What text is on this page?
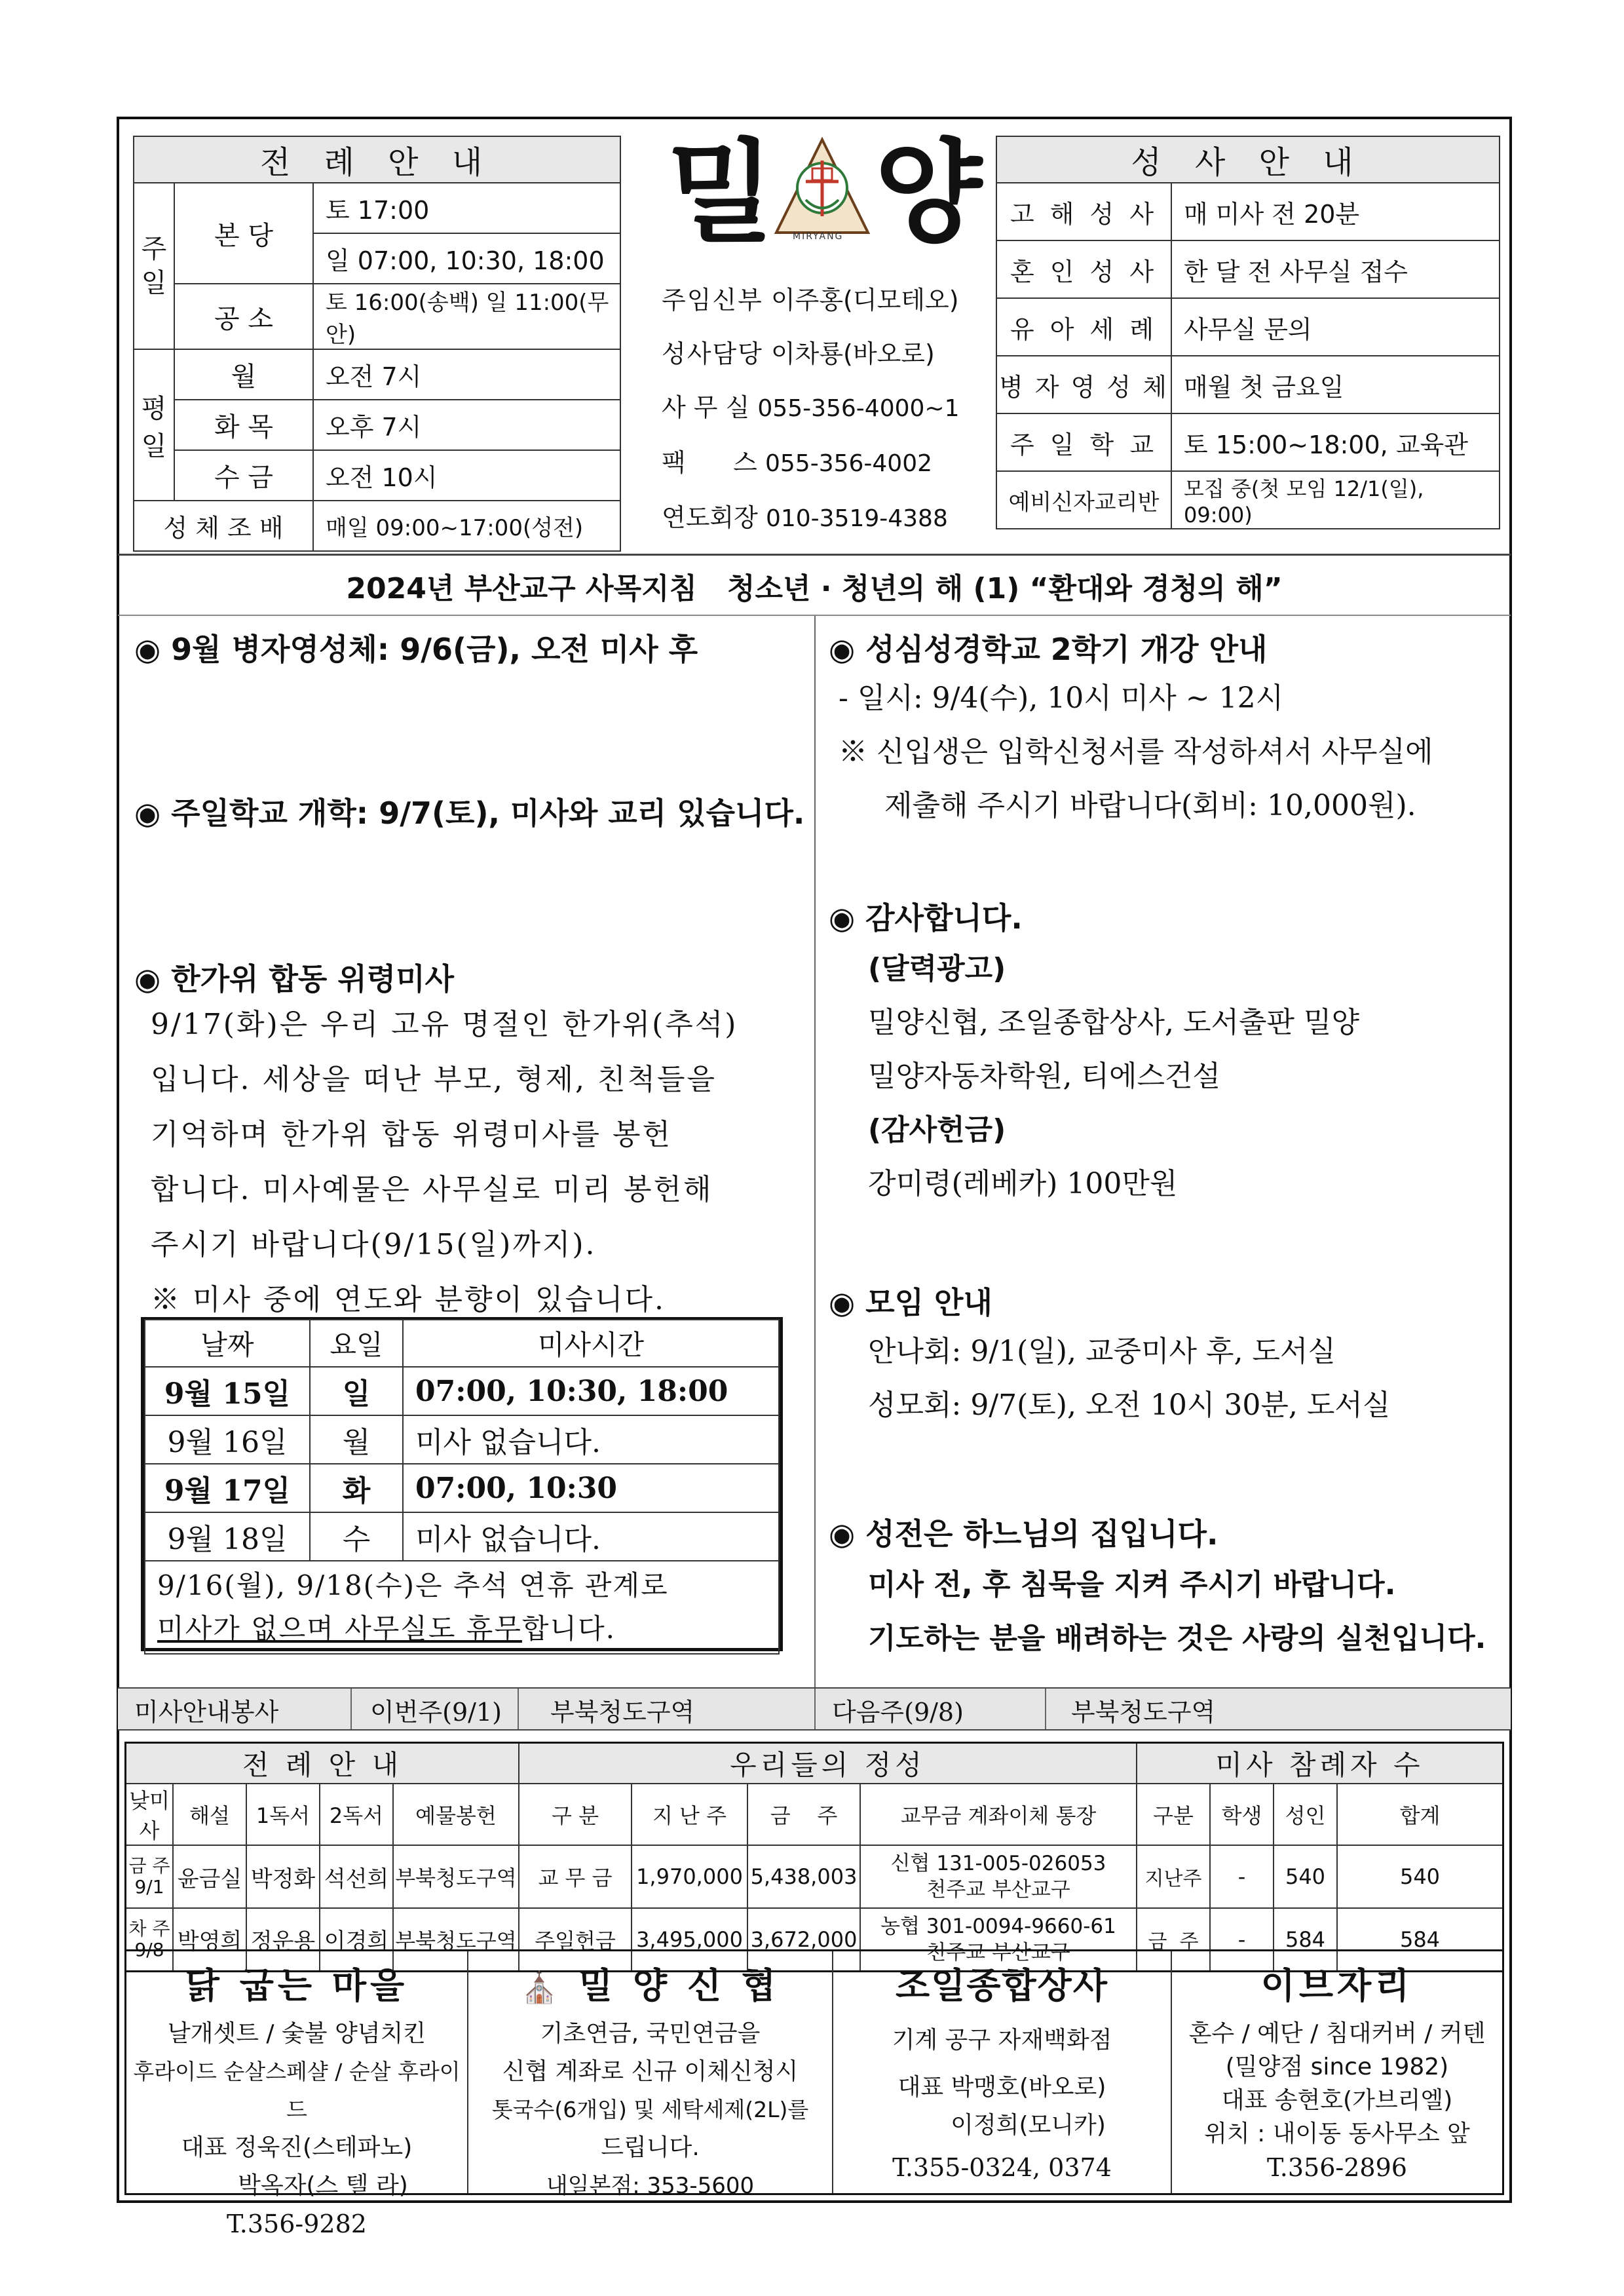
전 례 안 내		
주일	본 당	토 17:00
		일 07:00, 10:30, 18:00
	공 소	토 16:00(송백) 일 11:00(무안)
평일	월	오전 7시
	화 목	오후 7시
	수 금	오전 10시
성 체 조 배		매일 09:00~17:00(성전)
밀 MIRYANG 양
주임신부 이주홍(디모테오)
성사담당 이차룡(바오로)
사 무 실 055-356-4000~1
팩      스 055-356-4002
연도회장 010-3519-4388
성 사 안 내	
고 해 성 사	매 미사 전 20분
혼 인 성 사	한 달 전 사무실 접수
유 아 세 례	사무실 문의
병 자 영 성 체	매월 첫 금요일
주 일 학 교	토 15:00~18:00, 교육관
예비신자교리반	모집 중(첫 모임 12/1(일), 09:00)
2024년 부산교구 사목지침   청소년 · 청년의 해 (1) “환대와 경청의 해”
◉ 9월 병자영성체: 9/6(금), 오전 미사 후
◉ 주일학교 개학: 9/7(토), 미사와 교리 있습니다.
◉ 한가위 합동 위령미사
9/17(화)은 우리 고유 명절인 한가위(추석)
입니다. 세상을 떠난 부모, 형제, 친척들을
기억하며 한가위 합동 위령미사를 봉헌
합니다. 미사예물은 사무실로 미리 봉헌해
주시기 바랍니다(9/15(일)까지).
※ 미사 중에 연도와 분향이 있습니다.
날짜	요일	미사시간
9월 15일	일	07:00, 10:30, 18:00
9월 16일	월	미사 없습니다.
9월 17일	화	07:00, 10:30
9월 18일	수	미사 없습니다.

9/16(월), 9/18(수)은 추석 연휴 관계로
미사가 없으며 사무실도 휴무합니다.		
◉ 성심성경학교 2학기 개강 안내
- 일시: 9/4(수), 10시 미사 ~ 12시
※ 신입생은 입학신청서를 작성하셔서 사무실에
제출해 주시기 바랍니다(회비: 10,000원).
◉ 감사합니다.
(달력광고)
밀양신협, 조일종합상사, 도서출판 밀양
밀양자동차학원, 티에스건설
(감사헌금)
강미령(레베카) 100만원
◉ 모임 안내
안나회: 9/1(일), 교중미사 후, 도서실
성모회: 9/7(토), 오전 10시 30분, 도서실
◉ 성전은 하느님의 집입니다.
미사 전, 후 침묵을 지켜 주시기 바랍니다.
기도하는 분을 배려하는 것은 사랑의 실천입니다.
미사안내봉사	이번주(9/1) 부북청도구역	다음주(9/8)	부북청도구역
전 례 안 내					우리들의 정성				미사 참례자 수			
낮미사	해설	1독서	2독서	예물봉헌	구 분	지 난 주	금    주	교무금 계좌이체 통장	구분	학생	성인	합계
금 주 9/1	윤금실	박정화	석선희	부북청도구역	교 무 금	1,970,000	5,438,003	신협 131-005-026053
천주교 부산교구	지난주	-	540	540
차 주 9/8	박영희	정운용	이경희	부북청도구역	주일헌금	3,495,000	3,672,000	농협 301-0094-9660-61
천주교 부산교구	금  주	-	584	584
닭 굽는 마을
날개셋트 / 숯불 양념치킨
후라이드 순살스페샬 / 순살 후라이드
대표 정욱진(스테파노)
박옥자(스 텔 라)
T.356-9282
⛪ 밀 양 신 협
기초연금, 국민연금을
신협 계좌로 신규 이체신청시
톳국수(6개입) 및 세탁세제(2L)를
드립니다.
내일본점: 353-5600
조일종합상사
기계 공구 자재백화점
대표 박맹호(바오로)
이정희(모니카)
T.355-0324, 0374
이브자리
혼수 / 예단 / 침대커버 / 커텐
(밀양점 since 1982)
대표 송현호(가브리엘)
위치 : 내이동 동사무소 앞
T.356-2896
